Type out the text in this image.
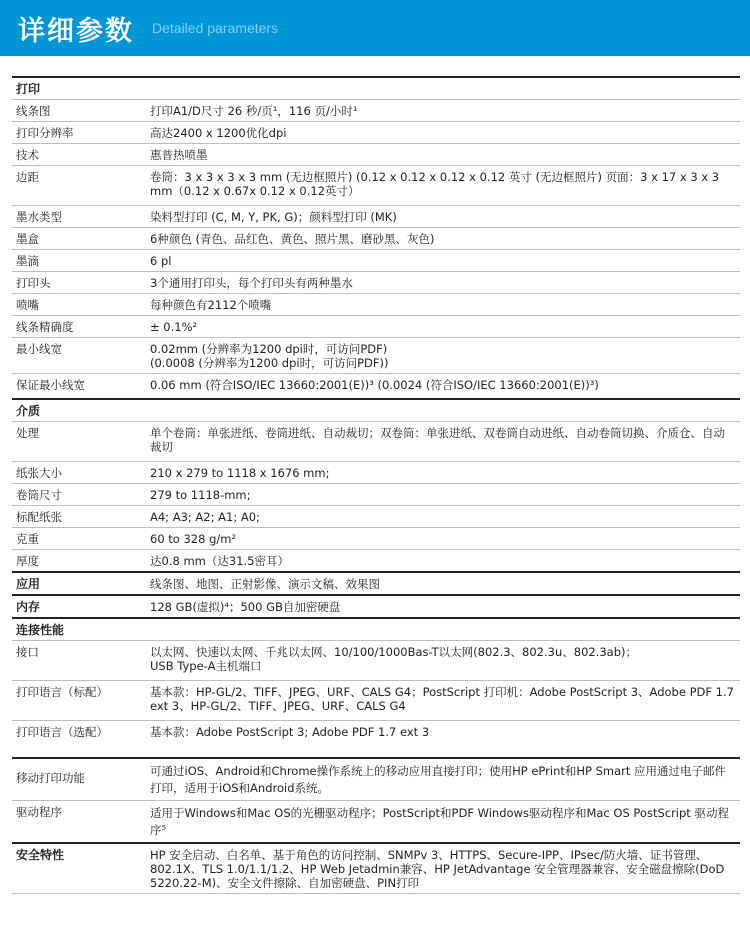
详细参数 Detailed parameters
打印
线条图	打印A1/D尺寸 26 秒/页¹，116 页/小时¹
打印分辨率	高达2400 x 1200优化dpi
技术	惠普热喷墨
边距	卷筒：3 x 3 x 3 x 3 mm (无边框照片) (0.12 x 0.12 x 0.12 x 0.12 英寸 (无边框照片) 页面：3 x 17 x 3 x 3 mm（0.12 x 0.67x 0.12 x 0.12英寸）
墨水类型	染料型打印 (C, M, Y, PK, G)；颜料型打印 (MK)
墨盒	6种颜色 (青色、品红色、黄色、照片黑、磨砂黑、灰色)
墨滴	6 pl
打印头	3个通用打印头，每个打印头有两种墨水
喷嘴	每种颜色有2112个喷嘴
线条精确度	± 0.1%²
最小线宽	0.02mm (分辨率为1200 dpi时，可访问PDF)
(0.0008 (分辨率为1200 dpi时，可访问PDF))
保证最小线宽	0.06 mm (符合ISO/IEC 13660:2001(E))³ (0.0024 (符合ISO/IEC 13660:2001(E))³)
介质
处理	单个卷筒：单张进纸、卷筒进纸、自动裁切；双卷筒：单张进纸、双卷筒自动进纸、自动卷筒切换、介质仓、自动裁切
纸张大小	210 x 279 to 1118 x 1676 mm;
卷筒尺寸	279 to 1118-mm;
标配纸张	A4; A3; A2; A1; A0;
克重	60 to 328 g/m²
厚度	达0.8 mm（达31.5密耳）
应用	线条图、地图、正射影像、演示文稿、效果图
内存	128 GB(虚拟)⁴；500 GB自加密硬盘
连接性能
接口	以太网、快速以太网、千兆以太网、10/100/1000Bas-T以太网(802.3、802.3u、802.3ab)；
USB Type-A主机端口
打印语言（标配）	基本款：HP-GL/2、TIFF、JPEG、URF、CALS G4；PostScript 打印机：Adobe PostScript 3、Adobe PDF 1.7 ext 3、HP-GL/2、TIFF、JPEG、URF、CALS G4
打印语言（选配）	基本款：Adobe PostScript 3; Adobe PDF 1.7 ext 3
移动打印功能	可通过iOS、Android和Chrome操作系统上的移动应用直接打印；使用HP ePrint和HP Smart 应用通过电子邮件打印，适用于iOS和Android系统。
驱动程序	适用于Windows和Mac OS的光栅驱动程序；PostScript和PDF Windows驱动程序和Mac OS PostScript 驱动程序⁵
安全特性	HP 安全启动、白名单、基于角色的访问控制、SNMPv 3、HTTPS、Secure-IPP、IPsec/防火墙、证书管理、802.1X、TLS 1.0/1.1/1.2、HP Web Jetadmin兼容、HP JetAdvantage 安全管理器兼容、安全磁盘擦除(DoD 5220.22-M)、安全文件擦除、自加密硬盘、PIN打印
